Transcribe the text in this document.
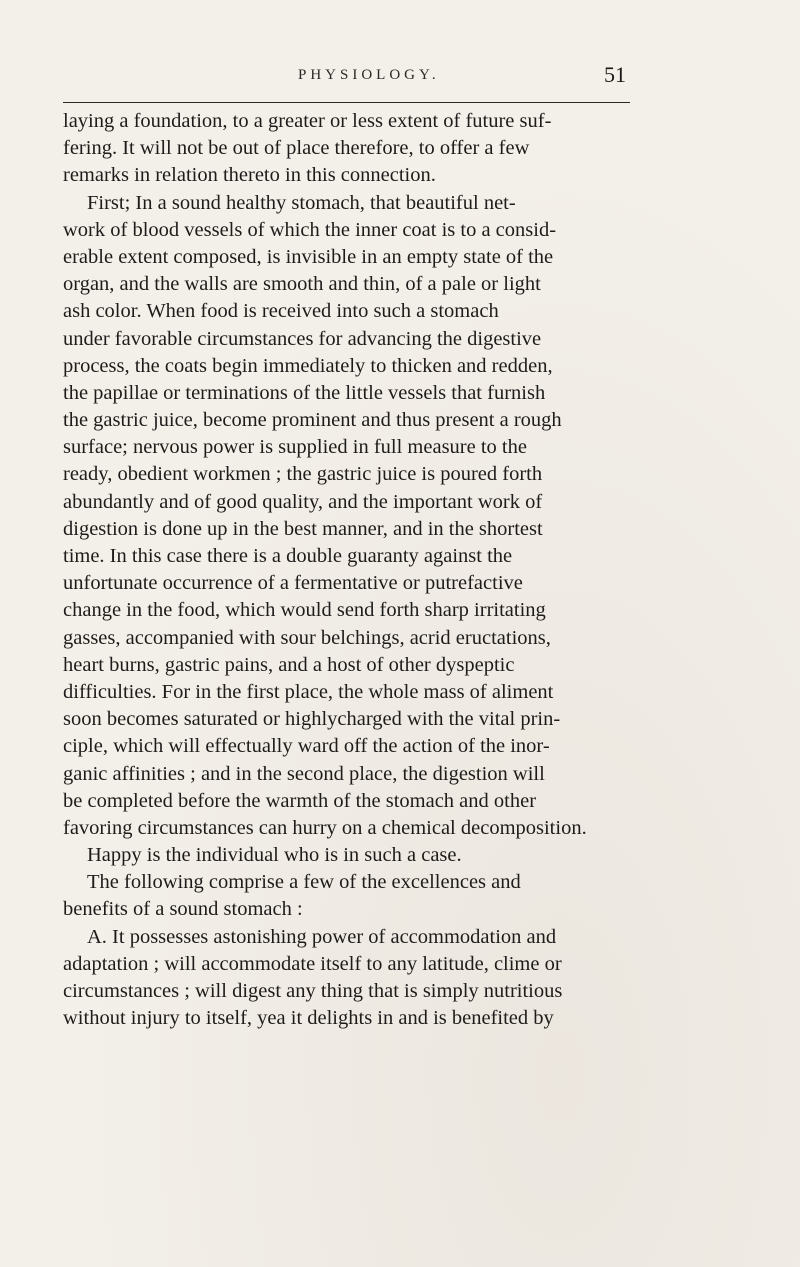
PHYSIOLOGY.	51
laying a foundation, to a greater or less extent of future suf-
fering. It will not be out of place therefore, to offer a few
remarks in relation thereto in this connection.
First; In a sound healthy stomach, that beautiful net-
work of blood vessels of which the inner coat is to a consid-
erable extent composed, is invisible in an empty state of the
organ, and the walls are smooth and thin, of a pale or light
ash color. When food is received into such a stomach
under favorable circumstances for advancing the digestive
process, the coats begin immediately to thicken and redden,
the papillae or terminations of the little vessels that furnish
the gastric juice, become prominent and thus present a rough
surface; nervous power is supplied in full measure to the
ready, obedient workmen ; the gastric juice is poured forth
abundantly and of good quality, and the important work of
digestion is done up in the best manner, and in the shortest
time. In this case there is a double guaranty against the
unfortunate occurrence of a fermentative or putrefactive
change in the food, which would send forth sharp irritating
gasses, accompanied with sour belchings, acrid eructations,
heart burns, gastric pains, and a host of other dyspeptic
difficulties. For in the first place, the whole mass of aliment
soon becomes saturated or highlycharged with the vital prin-
ciple, which will effectually ward off the action of the inor-
ganic affinities ; and in the second place, the digestion will
be completed before the warmth of the stomach and other
favoring circumstances can hurry on a chemical decomposition.
Happy is the individual who is in such a case.
The following comprise a few of the excellences and
benefits of a sound stomach :
A. It possesses astonishing power of accommodation and
adaptation ; will accommodate itself to any latitude, clime or
circumstances ; will digest any thing that is simply nutritious
without injury to itself, yea it delights in and is benefited by
